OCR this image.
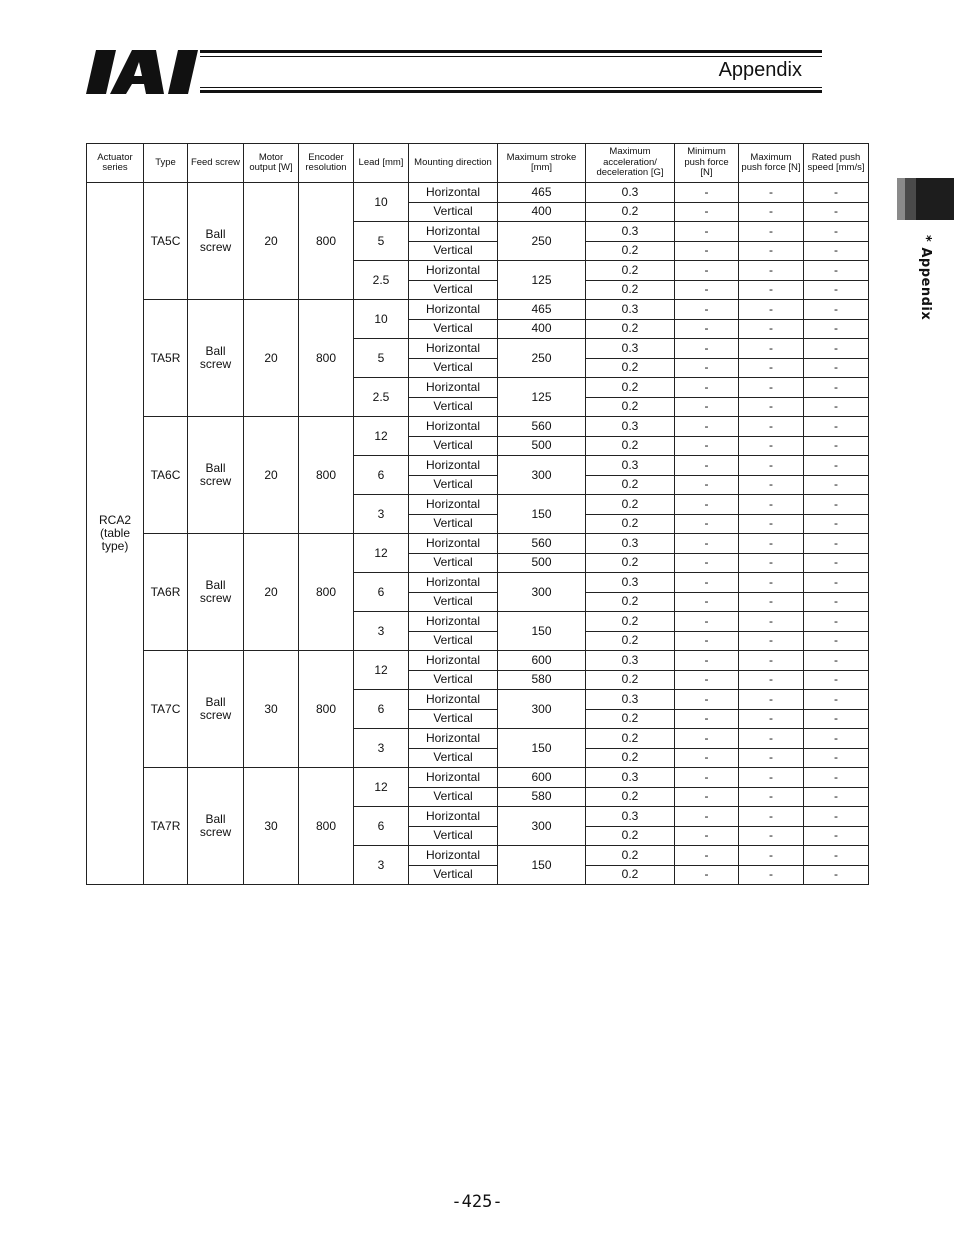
Appendix
* Appendix
Actuator series	Type	Feed screw	Motor output [W]	Encoder resolution	Lead [mm]	Mounting direction	Maximum stroke [mm]	Maximum acceleration/ deceleration [G]	Minimum push force [N]	Maximum push force [N]	Rated push speed [mm/s]
RCA2 (table type)	TA5C	Ball screw	20	800	10	Horizontal	465	0.3	-	-	-
						Vertical	400	0.2	-	-	-
					5	Horizontal	250	0.3	-	-	-
						Vertical		0.2	-	-	-
					2.5	Horizontal	125	0.2	-	-	-
						Vertical		0.2	-	-	-
	TA5R	Ball screw	20	800	10	Horizontal	465	0.3	-	-	-
						Vertical	400	0.2	-	-	-
					5	Horizontal	250	0.3	-	-	-
						Vertical		0.2	-	-	-
					2.5	Horizontal	125	0.2	-	-	-
						Vertical		0.2	-	-	-
	TA6C	Ball screw	20	800	12	Horizontal	560	0.3	-	-	-
						Vertical	500	0.2	-	-	-
					6	Horizontal	300	0.3	-	-	-
						Vertical		0.2	-	-	-
					3	Horizontal	150	0.2	-	-	-
						Vertical		0.2	-	-	-
	TA6R	Ball screw	20	800	12	Horizontal	560	0.3	-	-	-
						Vertical	500	0.2	-	-	-
					6	Horizontal	300	0.3	-	-	-
						Vertical		0.2	-	-	-
					3	Horizontal	150	0.2	-	-	-
						Vertical		0.2	-	-	-
	TA7C	Ball screw	30	800	12	Horizontal	600	0.3	-	-	-
						Vertical	580	0.2	-	-	-
					6	Horizontal	300	0.3	-	-	-
						Vertical		0.2	-	-	-
					3	Horizontal	150	0.2	-	-	-
						Vertical		0.2	-	-	-
	TA7R	Ball screw	30	800	12	Horizontal	600	0.3	-	-	-
						Vertical	580	0.2	-	-	-
					6	Horizontal	300	0.3	-	-	-
						Vertical		0.2	-	-	-
					3	Horizontal	150	0.2	-	-	-
						Vertical		0.2	-	-	-
-425-
